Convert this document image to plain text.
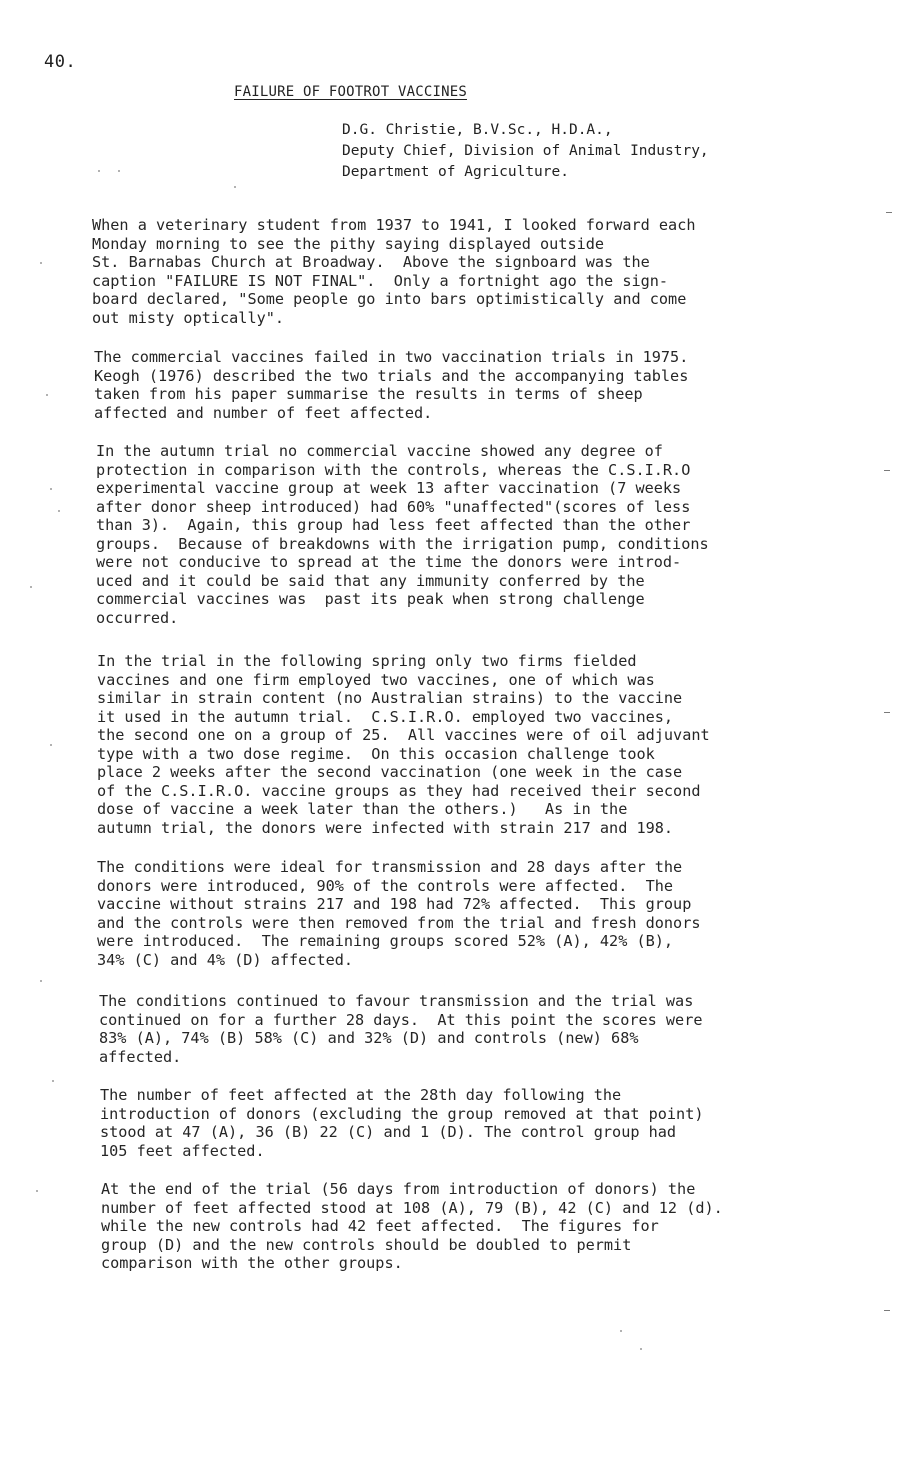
40.
FAILURE OF FOOTROT VACCINES
D.G. Christie, B.V.Sc., H.D.A.,
Deputy Chief, Division of Animal Industry,
Department of Agriculture.
When a veterinary student from 1937 to 1941, I looked forward each
Monday morning to see the pithy saying displayed outside
St. Barnabas Church at Broadway.  Above the signboard was the
caption "FAILURE IS NOT FINAL".  Only a fortnight ago the sign-
board declared, "Some people go into bars optimistically and come
out misty optically".
The commercial vaccines failed in two vaccination trials in 1975.
Keogh (1976) described the two trials and the accompanying tables
taken from his paper summarise the results in terms of sheep
affected and number of feet affected.
In the autumn trial no commercial vaccine showed any degree of
protection in comparison with the controls, whereas the C.S.I.R.O
experimental vaccine group at week 13 after vaccination (7 weeks
after donor sheep introduced) had 60% "unaffected"(scores of less
than 3).  Again, this group had less feet affected than the other
groups.  Because of breakdowns with the irrigation pump, conditions
were not conducive to spread at the time the donors were introd-
uced and it could be said that any immunity conferred by the
commercial vaccines was  past its peak when strong challenge
occurred.
In the trial in the following spring only two firms fielded
vaccines and one firm employed two vaccines, one of which was
similar in strain content (no Australian strains) to the vaccine
it used in the autumn trial.  C.S.I.R.O. employed two vaccines,
the second one on a group of 25.  All vaccines were of oil adjuvant
type with a two dose regime.  On this occasion challenge took
place 2 weeks after the second vaccination (one week in the case
of the C.S.I.R.O. vaccine groups as they had received their second
dose of vaccine a week later than the others.)   As in the
autumn trial, the donors were infected with strain 217 and 198.
The conditions were ideal for transmission and 28 days after the
donors were introduced, 90% of the controls were affected.  The
vaccine without strains 217 and 198 had 72% affected.  This group
and the controls were then removed from the trial and fresh donors
were introduced.  The remaining groups scored 52% (A), 42% (B),
34% (C) and 4% (D) affected.
The conditions continued to favour transmission and the trial was
continued on for a further 28 days.  At this point the scores were
83% (A), 74% (B) 58% (C) and 32% (D) and controls (new) 68%
affected.
The number of feet affected at the 28th day following the
introduction of donors (excluding the group removed at that point)
stood at 47 (A), 36 (B) 22 (C) and 1 (D). The control group had
105 feet affected.
At the end of the trial (56 days from introduction of donors) the
number of feet affected stood at 108 (A), 79 (B), 42 (C) and 12 (d).
while the new controls had 42 feet affected.  The figures for
group (D) and the new controls should be doubled to permit
comparison with the other groups.
